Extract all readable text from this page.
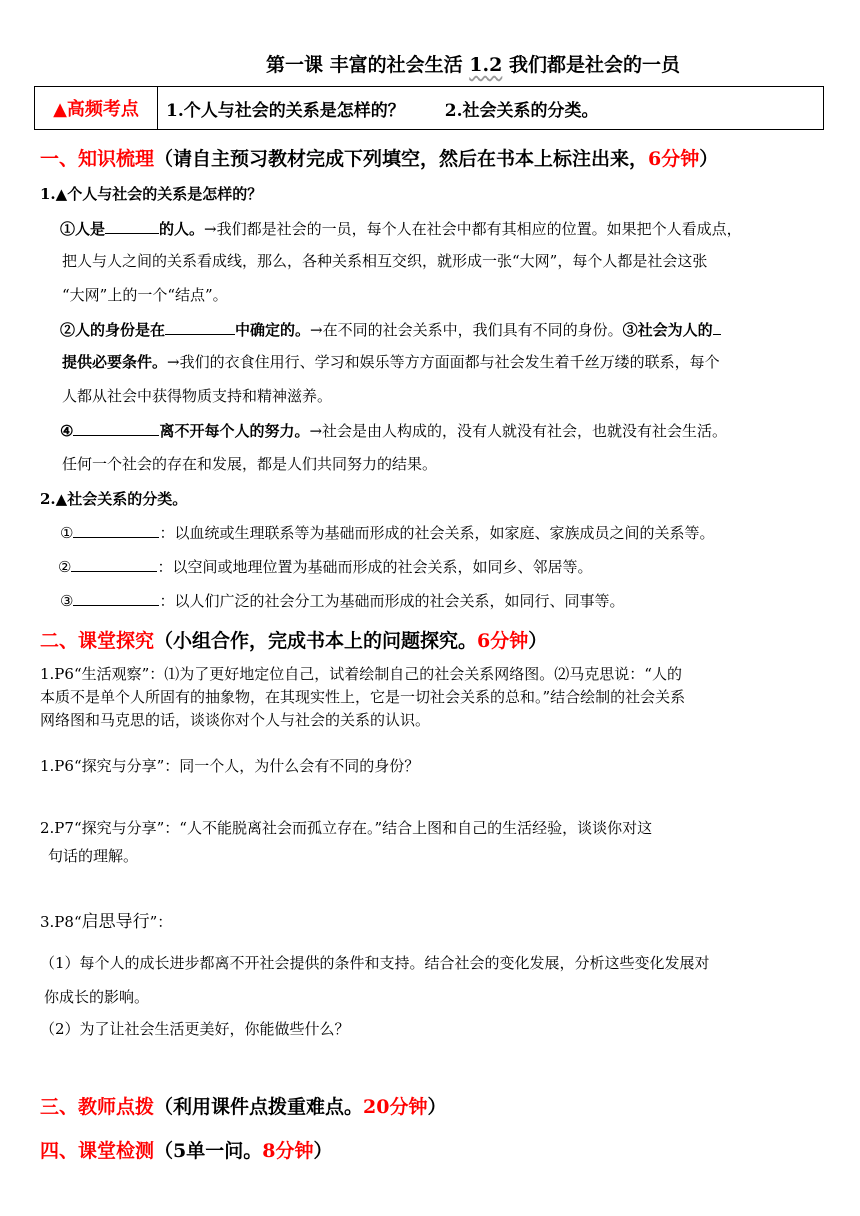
第一课 丰富的社会生活 1.2 我们都是社会的一员
▲高频考点	1.个人与社会的关系是怎样的？ 2.社会关系的分类。
一、知识梳理（请自主预习教材完成下列填空，然后在书本上标注出来，6分钟）
1.▲个人与社会的关系是怎样的？
①人是	的人。→我们都是社会的一员，每个人在社会中都有其相应的位置。如果把个人看成点，
把人与人之间的关系看成线，那么，各种关系相互交织，就形成一张“大网”，每个人都是社会这张
“大网”上的一个“结点”。
②人的身份是在	中确定的。→在不同的社会关系中，我们具有不同的身份。③社会为人的
提供必要条件。→我们的衣食住用行、学习和娱乐等方方面面都与社会发生着千丝万缕的联系，每个
人都从社会中获得物质支持和精神滋养。
④	离不开每个人的努力。→社会是由人构成的，没有人就没有社会，也就没有社会生活。
任何一个社会的存在和发展，都是人们共同努力的结果。
2.▲社会关系的分类。
①	：以血统或生理联系等为基础而形成的社会关系，如家庭、家族成员之间的关系等。
②	：以空间或地理位置为基础而形成的社会关系，如同乡、邻居等。
③	：以人们广泛的社会分工为基础而形成的社会关系，如同行、同事等。
二、课堂探究（小组合作，完成书本上的问题探究。6分钟）
1.P6“生活观察”：⑴为了更好地定位自己，试着绘制自己的社会关系网络图。⑵马克思说：“人的
本质不是单个人所固有的抽象物，在其现实性上，它是一切社会关系的总和。”结合绘制的社会关系
网络图和马克思的话，谈谈你对个人与社会的关系的认识。
1.P6“探究与分享”：同一个人，为什么会有不同的身份？
2.P7“探究与分享”：“人不能脱离社会而孤立存在。”结合上图和自己的生活经验，谈谈你对这
句话的理解。
3.P8“启思导行”：
（1）每个人的成长进步都离不开社会提供的条件和支持。结合社会的变化发展，分析这些变化发展对
你成长的影响。
（2）为了让社会生活更美好，你能做些什么？
三、教师点拨（利用课件点拨重难点。20分钟）
四、课堂检测（5单一问。8分钟）
